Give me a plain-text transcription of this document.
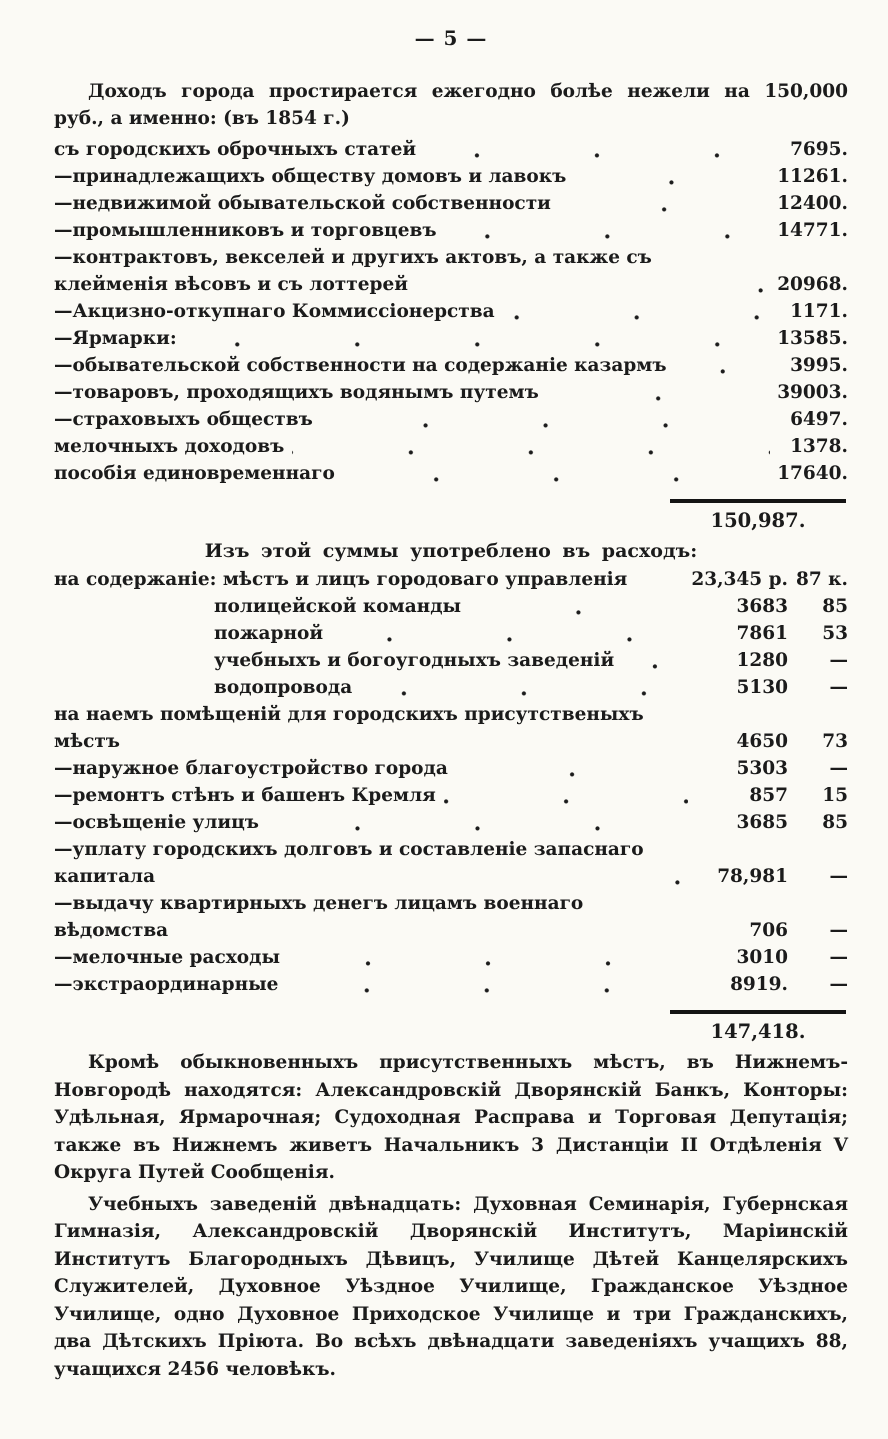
— 5 —

Доходъ города простирается ежегодно болѣе нежели на 150,000 руб., а именно: (въ 1854 г.)

съ городскихъ оброчныхъ статей	7695.
—принадлежащихъ обществу домовъ и лавокъ	11261.
—недвижимой обывательской собственности	12400.
—промышленниковъ и торговцевъ	14771.
—контрактовъ, векселей и другихъ актовъ, а также съ клейменія вѣсовъ и съ лоттерей	20968.
—Акцизно-откупнаго Коммиссіонерства	1171.
—Ярмарки:	13585.
—обывательской собственности на содержаніе казармъ	3995.
—товаровъ, проходящихъ водянымъ путемъ	39003.
—страховыхъ обществъ	6497.
мелочныхъ доходовъ	1378.
пособія единовременнаго	17640.
150,987.
Изъ этой суммы употреблено въ расходъ:
на содержаніе: мѣстъ и лицъ городоваго управленія	23,345 р. 87 к.
полицейской команды	3683	85
пожарной	7861	53
учебныхъ и богоугодныхъ заведеній	1280	—
водопровода	5130	—
на наемъ помѣщеній для городскихъ присутственыхъ мѣстъ	4650	73
—наружное благоустройство города	5303	—
—ремонтъ стѣнъ и башенъ Кремля	857	15
—освѣщеніе улицъ	3685	85
—уплату городскихъ долговъ и составленіе запаснаго капитала	78,981	—
—выдачу квартирныхъ денегъ лицамъ военнаго вѣдомства	706	—
—мелочные расходы	3010	—
—экстраординарные	8919.	—
147,418.

Кромѣ обыкновенныхъ присутственныхъ мѣстъ, въ Нижнемъ-Новгородѣ находятся: Александровскій Дворянскій Банкъ, Конторы: Удѣльная, Ярмарочная; Судоходная Расправа и Торговая Депутація; также въ Нижнемъ живетъ Начальникъ 3 Дистанціи II Отдѣленія V Округа Путей Сообщенія.

Учебныхъ заведеній двѣнадцать: Духовная Семинарія, Губернская Гимназія, Александровскій Дворянскій Институтъ, Маріинскій Институтъ Благородныхъ Дѣвицъ, Училище Дѣтей Канцелярскихъ Служителей, Духовное Уѣздное Училище, Гражданское Уѣздное Училище, одно Духовное Приходское Училище и три Гражданскихъ, два Дѣтскихъ Пріюта. Во всѣхъ двѣнадцати заведеніяхъ учащихъ 88, учащихся 2456 человѣкъ.
